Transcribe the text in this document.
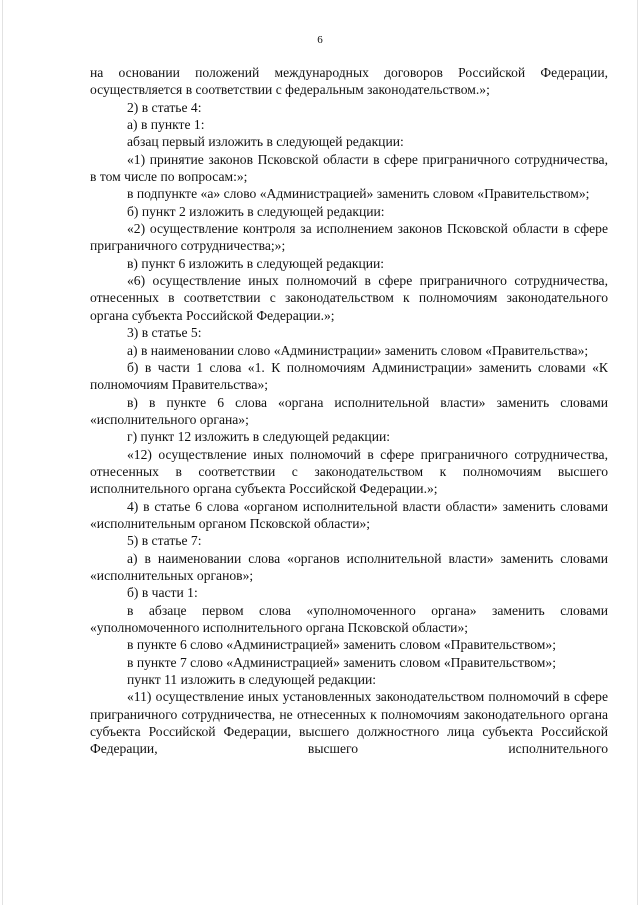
6

на основании положений международных договоров Российской Федерации, осуществляется в соответствии с федеральным законодательством.»;

2) в статье 4:

а) в пункте 1:

абзац первый изложить в следующей редакции:

«1) принятие законов Псковской области в сфере приграничного сотрудничества, в том числе по вопросам:»;

в подпункте «а» слово «Администрацией» заменить словом «Правительством»;

б) пункт 2 изложить в следующей редакции:

«2) осуществление контроля за исполнением законов Псковской области в сфере приграничного сотрудничества;»;

в) пункт 6 изложить в следующей редакции:

«6) осуществление иных полномочий в сфере приграничного сотрудничества, отнесенных в соответствии с законодательством к полномочиям законодательного органа субъекта Российской Федерации.»;

3) в статье 5:

а) в наименовании слово «Администрации» заменить словом «Правительства»;

б) в части 1 слова «1. К полномочиям Администрации» заменить словами «К полномочиям Правительства»;

в) в пункте 6 слова «органа исполнительной власти» заменить словами «исполнительного органа»;

г) пункт 12 изложить в следующей редакции:

«12) осуществление иных полномочий в сфере приграничного сотрудничества, отнесенных в соответствии с законодательством к полномочиям высшего исполнительного органа субъекта Российской Федерации.»;

4) в статье 6 слова «органом исполнительной власти области» заменить словами «исполнительным органом Псковской области»;

5) в статье 7:

а) в наименовании слова «органов исполнительной власти» заменить словами «исполнительных органов»;

б) в части 1:

в абзаце первом слова «уполномоченного органа» заменить словами «уполномоченного исполнительного органа Псковской области»;

в пункте 6 слово «Администрацией» заменить словом «Правительством»;

в пункте 7 слово «Администрацией» заменить словом «Правительством»;

пункт 11 изложить в следующей редакции:

«11) осуществление иных установленных законодательством полномочий в сфере приграничного сотрудничества, не отнесенных к полномочиям законодательного органа субъекта Российской Федерации, высшего должностного лица субъекта Российской Федерации, высшего исполнительного
